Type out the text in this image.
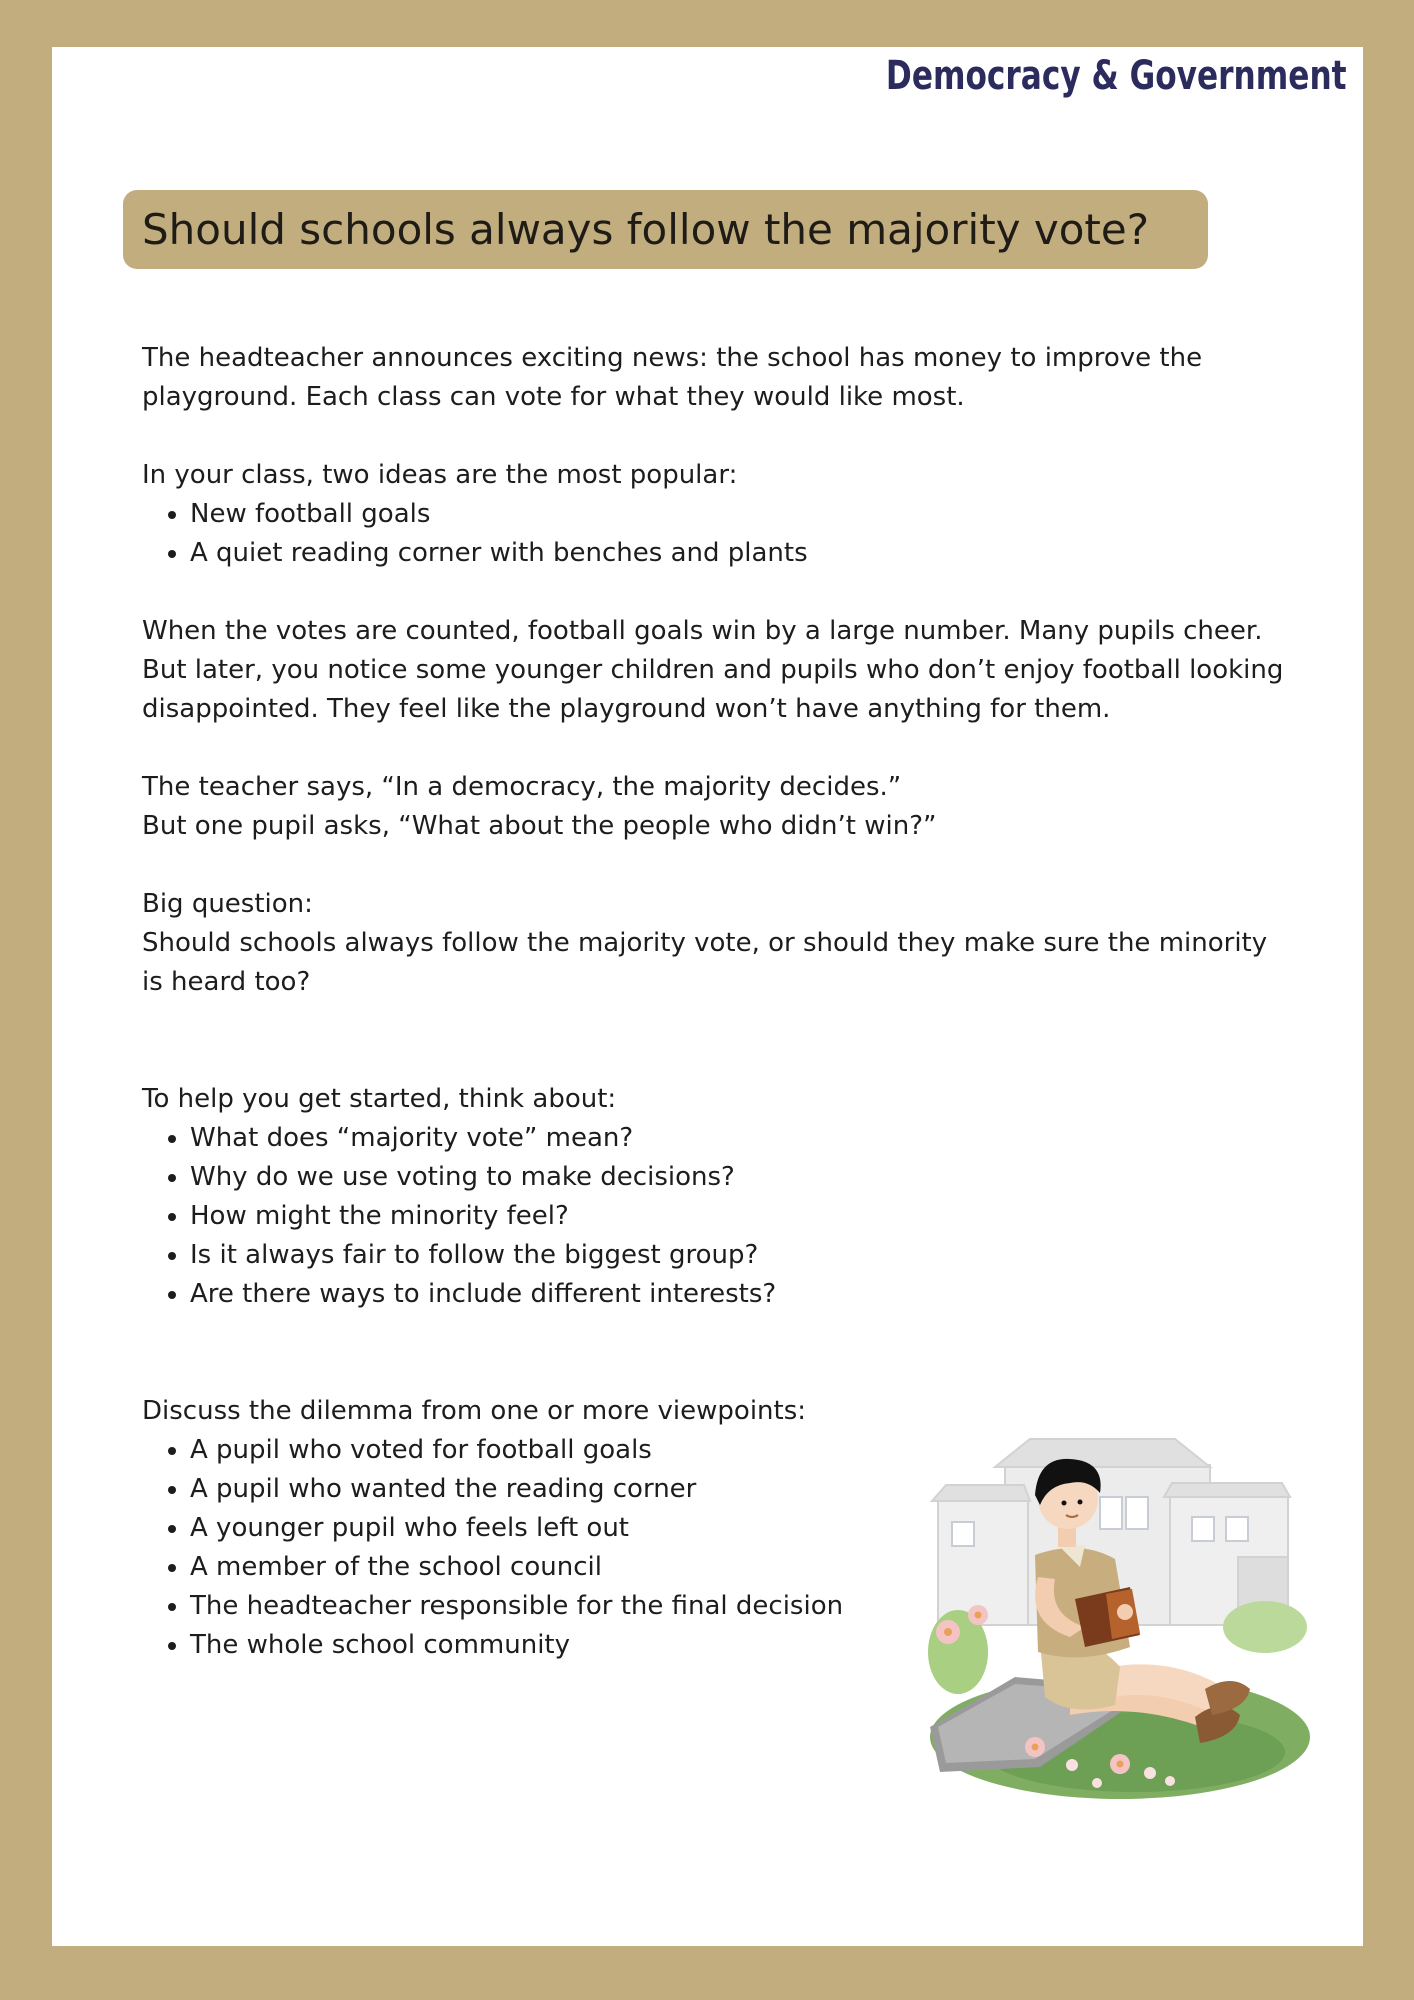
Democracy & Government
Should schools always follow the majority vote?

The headteacher announces exciting news: the school has money to improve the

playground. Each class can vote for what they would like most.

In your class, two ideas are the most popular:

• New football goals
• A quiet reading corner with benches and plants

When the votes are counted, football goals win by a large number. Many pupils cheer.

But later, you notice some younger children and pupils who don’t enjoy football looking

disappointed. They feel like the playground won’t have anything for them.

The teacher says, “In a democracy, the majority decides.”

But one pupil asks, “What about the people who didn’t win?”

Big question:

Should schools always follow the majority vote, or should they make sure the minority

is heard too?

To help you get started, think about:

• What does “majority vote” mean?
• Why do we use voting to make decisions?
• How might the minority feel?
• Is it always fair to follow the biggest group?
• Are there ways to include different interests?

Discuss the dilemma from one or more viewpoints:

• A pupil who voted for football goals
• A pupil who wanted the reading corner
• A younger pupil who feels left out
• A member of the school council
• The headteacher responsible for the final decision
• The whole school community
